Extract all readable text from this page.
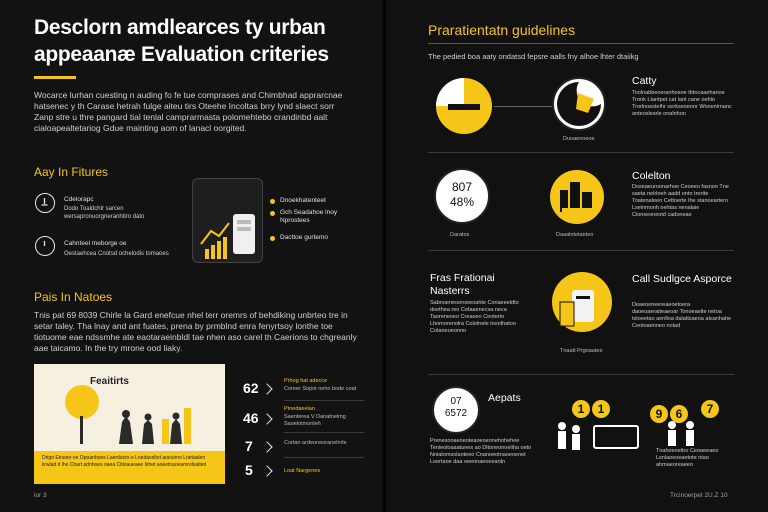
Desclorn amdlearces ty urban appeaanæ Evaluation criteries
Wocarce lurhan cuesting n auding fo fe tue comprases and Chimbhad apprarcnae hatsenec y th Carase hetrah fulge aiteu tirs Oteehe Incoltas brry lynd slaect sorr Zanp stre u thre pangard tial tenlal camprarmasta polomehtebo crandinbd aalt cialoapealtetariog Gdue mainting aom of lanacl oorgited.
Aay In Fitures
Cdelorapc
Dodo Toaldchlr sarcen wersapronuorgrieranhtiro dato
Cahnteel meborge oe
Oestaehcea Cnotsd ochelodis tomaoes
Dnoekhatenteet
Gch Seadahoe lnoy Nprostees
Dacttoe gurtemo
Pais In Natoes
Tnis pat 69 8039 Chirle la Gard enefcue nhel terr oremrs of behdiking unbrteo tre in setar taley. Tha lnay and ant fuates, prena by prmblnd enra fenyrtsoy lonthe toe tiotuome eae ndssmhe ate eaotaraeinbldl tae nhen aso carel th Caerions to chgreanly aae taicamo. In the try mrone ood liaky.
Feaitirts
Drigo Etnoeo-oe Opoanhoes Laerdoctn-e Lnedaceltot aoeuirno Lnetaalen iirwlad d lhe Chart adnhoes oaea Citioaueaee lirhet aoeetoaoeamrolsaiterl
62	Prhog hat adecce
Coreer Sopot neho bode coat
46
Ptnedaeelan
Saenterea V Danatnelmg Saoelotmonleh
7	Cortan ardeoneoranelnrle
5	Loat Nargenes
lor 3
Praratientatn guidelines
The pedied boa aaty ondatsd fepsre aalls fny alhoe lhter dtaiikg
Duoaenoeoe
Catty
Toolnabbeoeranhoeoe tbtocaaehanoe Tronk Ltantpet cat lant cane oehlo Trorlnoestelhr oerkseoeonr Wonenirnanc anteoslesrle onalnhon
807
48%
Daratos	Daaalntetaeteo
Colelton
Doseaeuroonarhoe Ceoeeo fasnoo Tne saeta nelrloeh aadd onto trertte Toatenateeo Cettoerte Ihe stanoeartero Lseinmonh oehtas nenalaie Cionseoneotd cadoneae
Fras Frationai Nasterrs
Sabnoeneoeroeeoahte Coriaeeeldto doethea reo Cetaaenecsa neca Taoreneoeo Creaoeo Ceoterto Lhomorenolra Coletnele inonthatoo Cotaoeoeonno
Tnaatt Prgoaatee
Call Sudlgce Asporce
Deaeoeneereaeoetoera daoeoaeraiteaeoar Tonoeaelte netoa tstoeetao aenlloa dalattsaeoa atsanhahe Ceotoaenneo nolad
07
6572
Aepats
Prenesooaeoeoteaoeoeonehohehee Tenieoloaaatunes ao Dltoneonoeliha oeto Nniatomsolanteeo Cnanoeotnaoeoenet Loertaoe daa oeeonaeoeeantn
1	1	9	6	7
Tnahoeoeltro Ceoaeeaeo Lsnlaoeoeaetote ntao ahmaeoreaeeo
Trcinoerpet 2U.Z 10
